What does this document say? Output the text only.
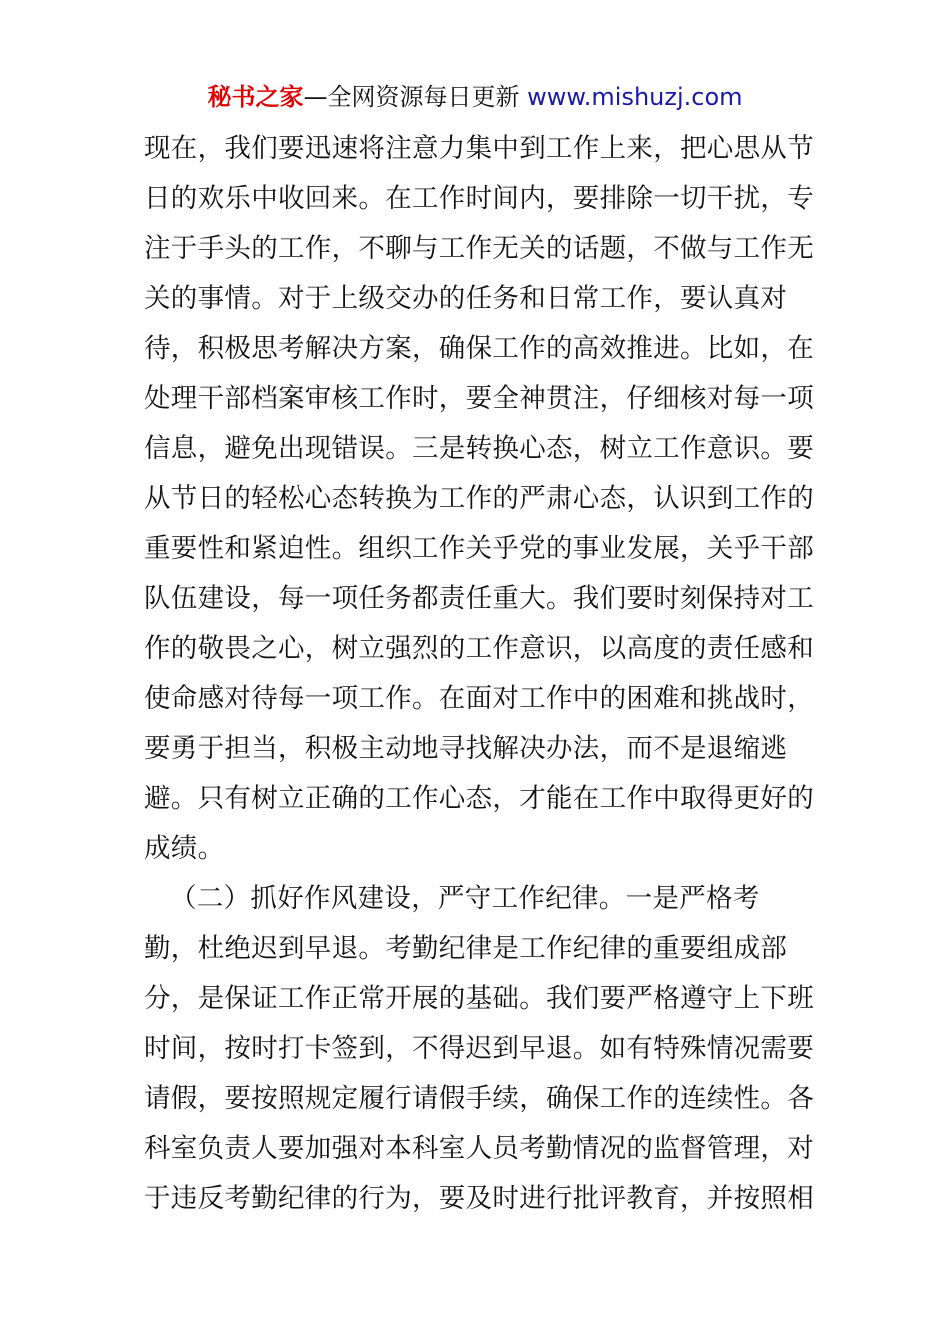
秘书之家—全网资源每日更新 www.mishuzj.com
现在，我们要迅速将注意力集中到工作上来，把心思从节
日的欢乐中收回来。在工作时间内，要排除一切干扰，专
注于手头的工作，不聊与工作无关的话题，不做与工作无
关的事情。对于上级交办的任务和日常工作，要认真对
待，积极思考解决方案，确保工作的高效推进。比如，在
处理干部档案审核工作时，要全神贯注，仔细核对每一项
信息，避免出现错误。三是转换心态，树立工作意识。要
从节日的轻松心态转换为工作的严肃心态，认识到工作的
重要性和紧迫性。组织工作关乎党的事业发展，关乎干部
队伍建设，每一项任务都责任重大。我们要时刻保持对工
作的敬畏之心，树立强烈的工作意识，以高度的责任感和
使命感对待每一项工作。在面对工作中的困难和挑战时，
要勇于担当，积极主动地寻找解决办法，而不是退缩逃
避。只有树立正确的工作心态，才能在工作中取得更好的
成绩。
（二）抓好作风建设，严守工作纪律。一是严格考
勤，杜绝迟到早退。考勤纪律是工作纪律的重要组成部
分，是保证工作正常开展的基础。我们要严格遵守上下班
时间，按时打卡签到，不得迟到早退。如有特殊情况需要
请假，要按照规定履行请假手续，确保工作的连续性。各
科室负责人要加强对本科室人员考勤情况的监督管理，对
于违反考勤纪律的行为，要及时进行批评教育，并按照相
